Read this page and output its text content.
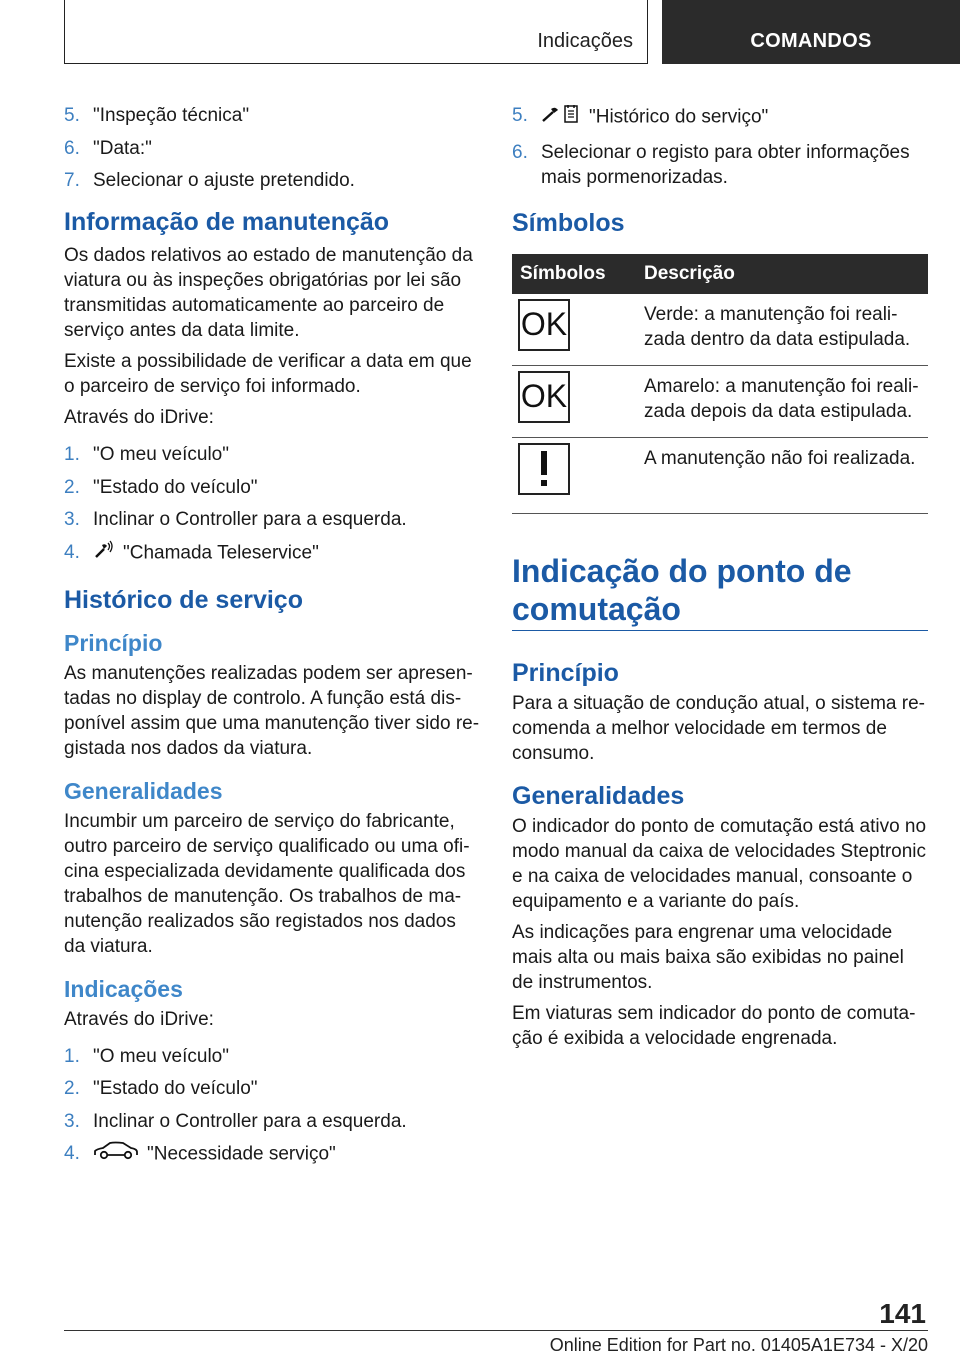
Indicações	COMANDOS
5. "Inspeção técnica"
6. "Data:"
7. Selecionar o ajuste pretendido.
Informação de manutenção

Os dados relativos ao estado de manutenção da viatura ou às inspeções obrigatórias por lei são transmitidas automaticamente ao parceiro de serviço antes da data limite.

Existe a possibilidade de verificar a data em que o parceiro de serviço foi informado.

Através do iDrive:

1. "O meu veículo"
2. "Estado do veículo"
3. Inclinar o Controller para a esquerda.
4.	"Chamada Teleservice"
Histórico de serviço
Princípio

As manutenções realizadas podem ser apresentadas no display de controlo. A função está disponível assim que uma manutenção tiver sido registada nos dados da viatura.

Generalidades

Incumbir um parceiro de serviço do fabricante, outro parceiro de serviço qualificado ou uma oficina especializada devidamente qualificada dos trabalhos de manutenção. Os trabalhos de manutenção realizados são registados nos dados da viatura.

Indicações

Através do iDrive:

1. "O meu veículo"
2. "Estado do veículo"
3. Inclinar o Controller para a esquerda.
4.	"Necessidade serviço"
5.	"Histórico do serviço"
6. Selecionar o registo para obter informações mais pormenorizadas.
Símbolos
Símbolos	Descrição

OK	Verde: a manutenção foi realizada dentro da data estipulada.

OK	Amarelo: a manutenção foi realizada depois da data estipulada.

	A manutenção não foi realizada.
Indicação do ponto de comutação
Princípio

Para a situação de condução atual, o sistema recomenda a melhor velocidade em termos de consumo.

Generalidades

O indicador do ponto de comutação está ativo no modo manual da caixa de velocidades Steptronic e na caixa de velocidades manual, consoante o equipamento e a variante do país.

As indicações para engrenar uma velocidade mais alta ou mais baixa são exibidas no painel de instrumentos.

Em viaturas sem indicador do ponto de comutação é exibida a velocidade engrenada.

141
Online Edition for Part no. 01405A1E734 - X/20
